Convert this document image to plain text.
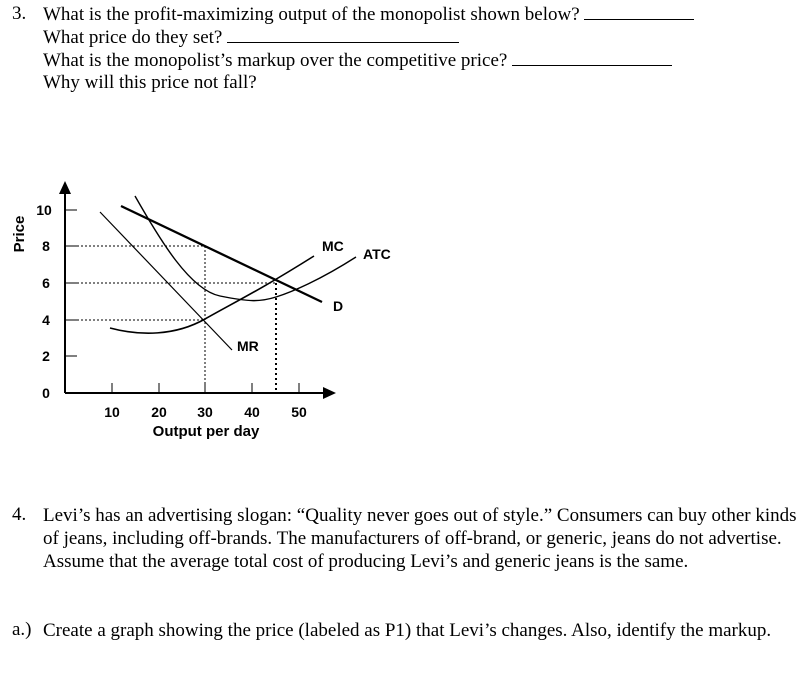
3. What is the profit-maximizing output of the monopolist shown below?
What price do they set?
What is the monopolist’s markup over the competitive price?
Why will this price not fall?
10
8
6
4
2
0
10 20 30 40 50
Output per day
Price	MC ATC
D
MR
4. Levi’s has an advertising slogan: “Quality never goes out of style.” Consumers can buy other kinds of jeans, including off-brands. The manufacturers of off-brand, or generic, jeans do not advertise. Assume that the average total cost of producing Levi’s and generic jeans is the same.
a.) Create a graph showing the price (labeled as P1) that Levi’s changes. Also, identify the markup.
